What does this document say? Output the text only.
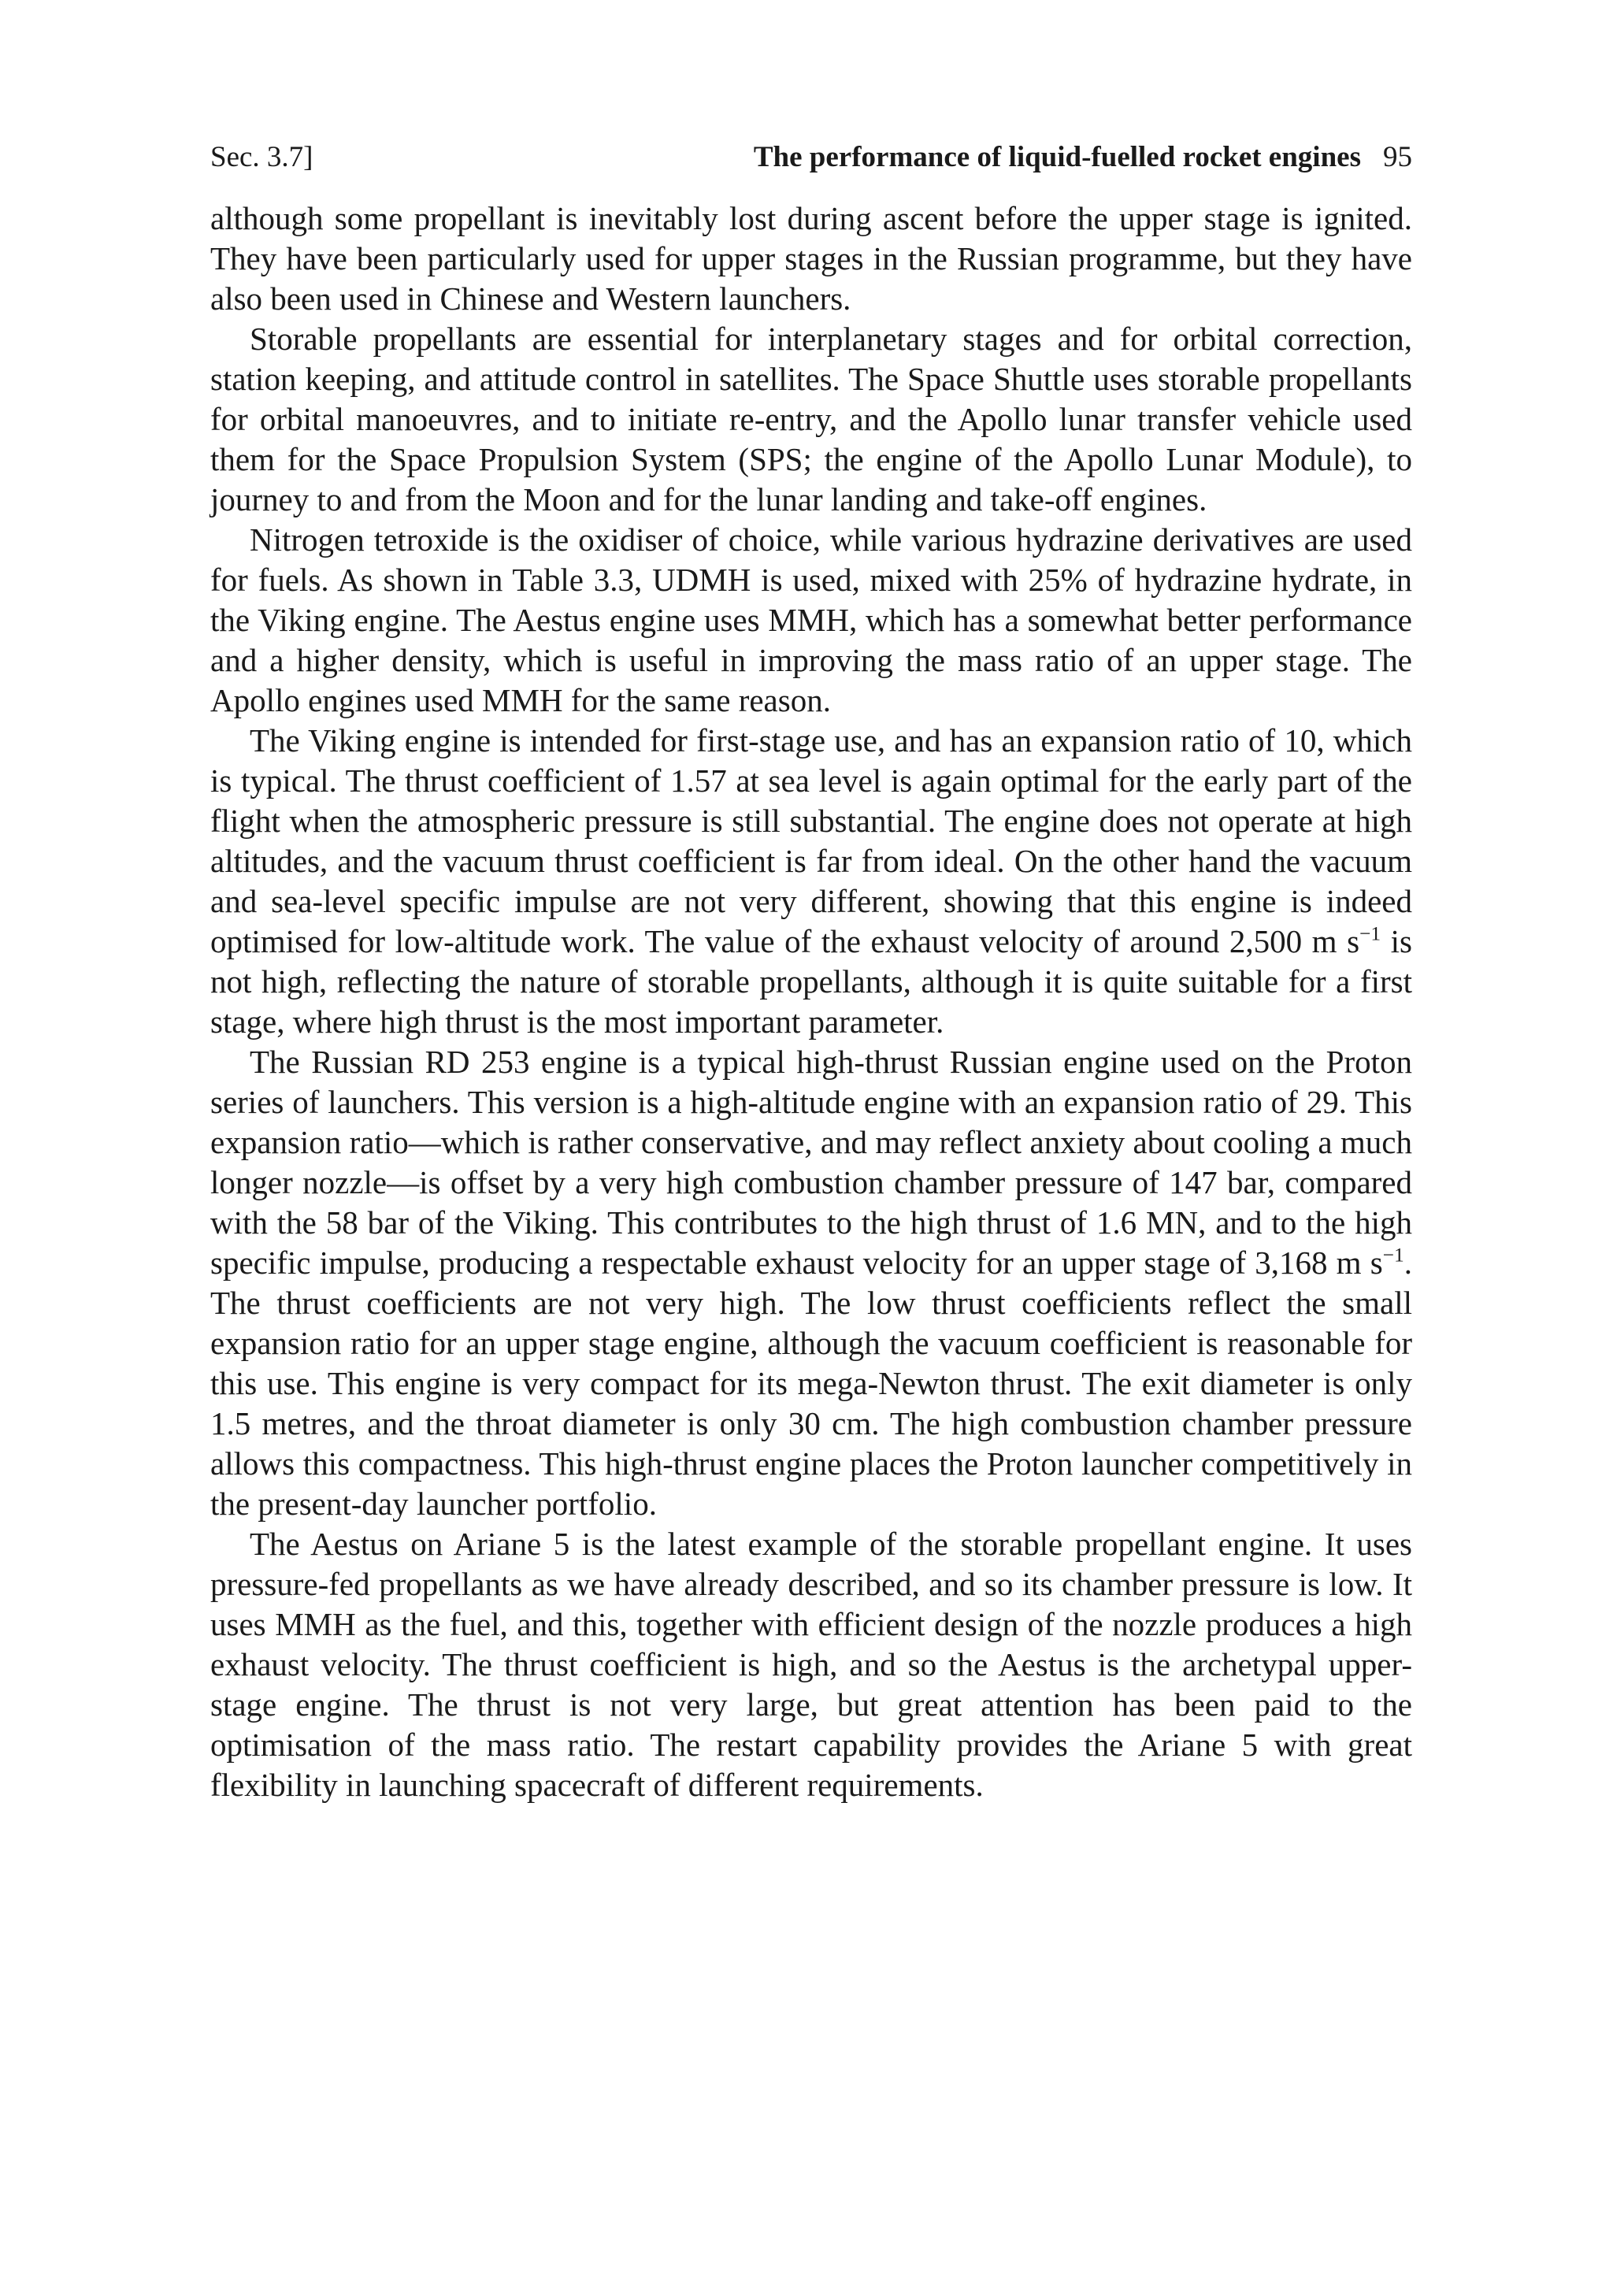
Sec. 3.7]	The performance of liquid-fuelled rocket engines 95

although some propellant is inevitably lost during ascent before the upper stage is ignited. They have been particularly used for upper stages in the Russian programme, but they have also been used in Chinese and Western launchers.

Storable propellants are essential for interplanetary stages and for orbital correction, station keeping, and attitude control in satellites. The Space Shuttle uses storable propellants for orbital manoeuvres, and to initiate re-entry, and the Apollo lunar transfer vehicle used them for the Space Propulsion System (SPS; the engine of the Apollo Lunar Module), to journey to and from the Moon and for the lunar landing and take-off engines.

Nitrogen tetroxide is the oxidiser of choice, while various hydrazine derivatives are used for fuels. As shown in Table 3.3, UDMH is used, mixed with 25% of hydrazine hydrate, in the Viking engine. The Aestus engine uses MMH, which has a somewhat better performance and a higher density, which is useful in improving the mass ratio of an upper stage. The Apollo engines used MMH for the same reason.

The Viking engine is intended for first-stage use, and has an expansion ratio of 10, which is typical. The thrust coefficient of 1.57 at sea level is again optimal for the early part of the flight when the atmospheric pressure is still substantial. The engine does not operate at high altitudes, and the vacuum thrust coefficient is far from ideal. On the other hand the vacuum and sea-level specific impulse are not very different, showing that this engine is indeed optimised for low-altitude work. The value of the exhaust velocity of around 2,500 m $s^{-1}$ is not high, reflecting the nature of storable propellants, although it is quite suitable for a first stage, where high thrust is the most important parameter.

The Russian RD 253 engine is a typical high-thrust Russian engine used on the Proton series of launchers. This version is a high-altitude engine with an expansion ratio of 29. This expansion ratio—which is rather conservative, and may reflect anxiety about cooling a much longer nozzle—is offset by a very high combustion chamber pressure of 147 bar, compared with the 58 bar of the Viking. This contributes to the high thrust of 1.6 MN, and to the high specific impulse, producing a respectable exhaust velocity for an upper stage of 3,168 m $s^{-1}$. The thrust coefficients are not very high. The low thrust coefficients reflect the small expansion ratio for an upper stage engine, although the vacuum coefficient is reasonable for this use. This engine is very compact for its mega-Newton thrust. The exit diameter is only 1.5 metres, and the throat diameter is only 30 cm. The high combustion chamber pressure allows this compactness. This high-thrust engine places the Proton launcher competitively in the present-day launcher portfolio.

The Aestus on Ariane 5 is the latest example of the storable propellant engine. It uses pressure-fed propellants as we have already described, and so its chamber pressure is low. It uses MMH as the fuel, and this, together with efficient design of the nozzle produces a high exhaust velocity. The thrust coefficient is high, and so the Aestus is the archetypal upper-stage engine. The thrust is not very large, but great attention has been paid to the optimisation of the mass ratio. The restart capability provides the Ariane 5 with great flexibility in launching spacecraft of different requirements.
